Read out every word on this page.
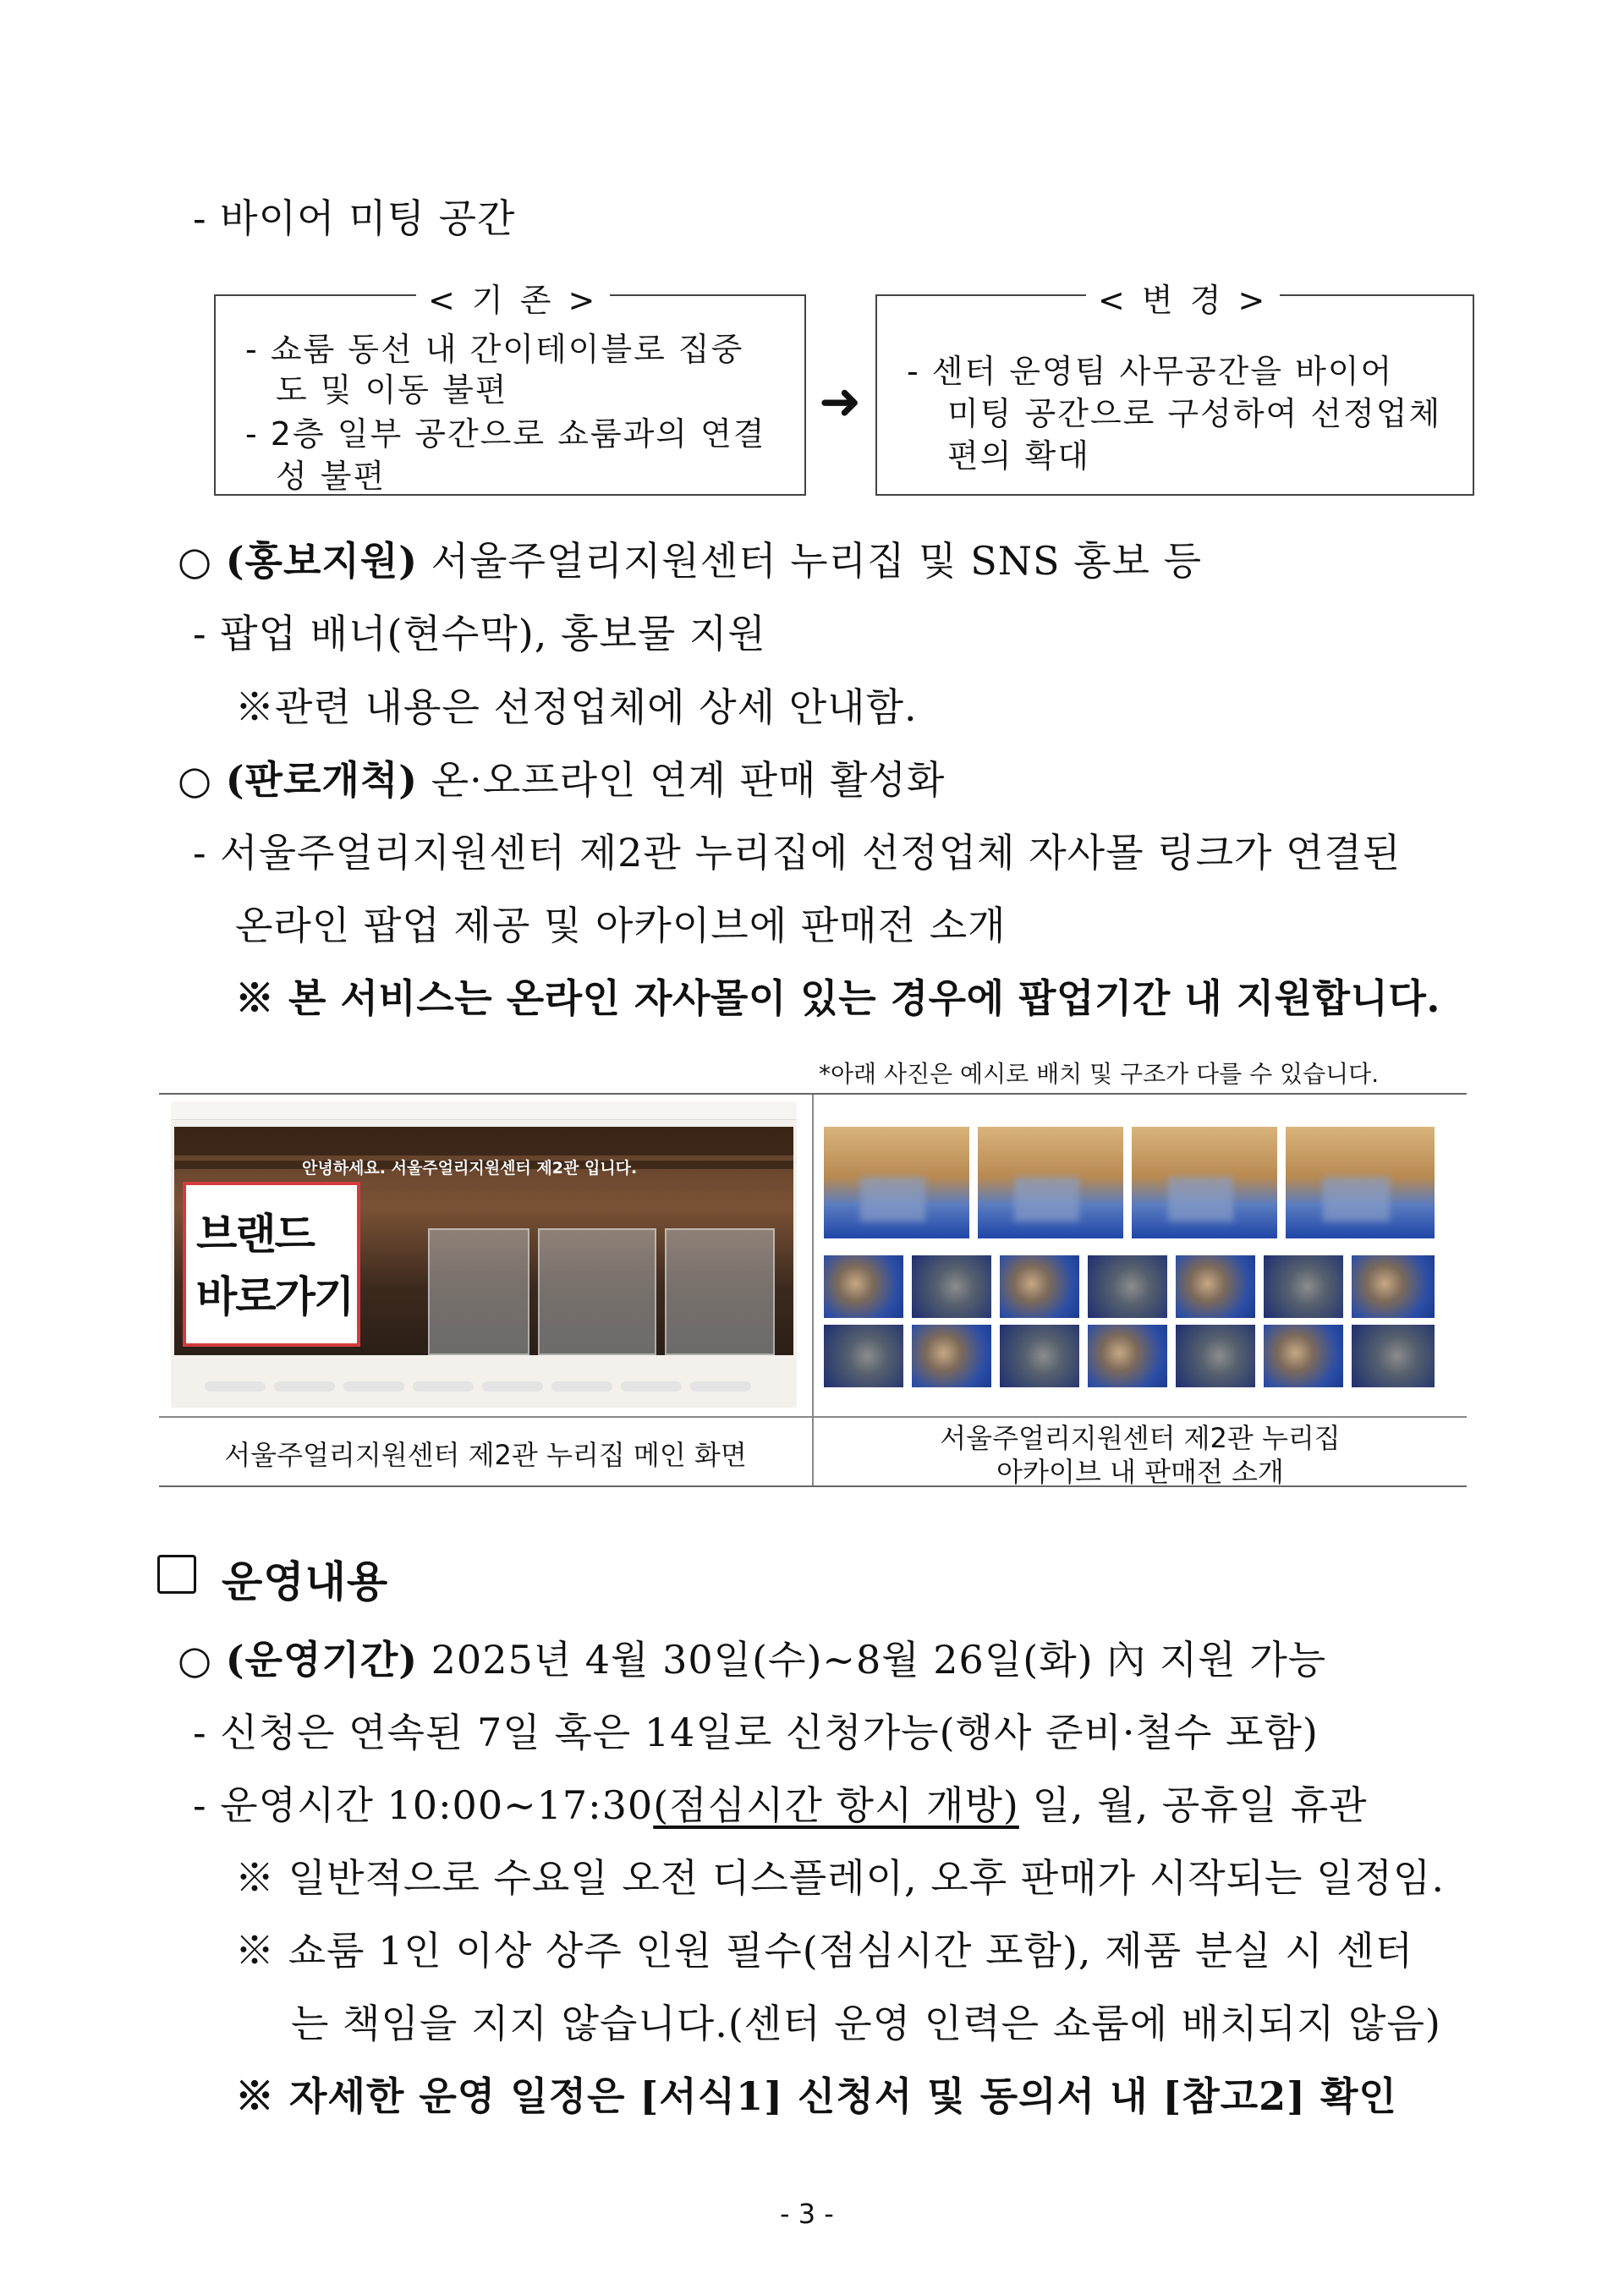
- 바이어 미팅 공간
< 기 존 >
- 쇼룸 동선 내 간이테이블로 집중
도 및 이동 불편
- 2층 일부 공간으로 쇼룸과의 연결
성 불편
➜
< 변 경 >
- 센터 운영팀 사무공간을 바이어
미팅 공간으로 구성하여 선정업체
편의 확대
○ (홍보지원) 서울주얼리지원센터 누리집 및 SNS 홍보 등
- 팝업 배너(현수막), 홍보물 지원
※관련 내용은 선정업체에 상세 안내함.
○ (판로개척) 온·오프라인 연계 판매 활성화
- 서울주얼리지원센터 제2관 누리집에 선정업체 자사몰 링크가 연결된
온라인 팝업 제공 및 아카이브에 판매전 소개
※ 본 서비스는 온라인 자사몰이 있는 경우에 팝업기간 내 지원합니다.
*아래 사진은 예시로 배치 및 구조가 다를 수 있습니다.
안녕하세요. 서울주얼리지원센터 제2관 입니다.
브랜드
바로가기
서울주얼리지원센터 제2관 누리집 메인 화면
서울주얼리지원센터 제2관 누리집
아카이브 내 판매전 소개
운영내용
○ (운영기간) 2025년 4월 30일(수)~8월 26일(화) 內 지원 가능
- 신청은 연속된 7일 혹은 14일로 신청가능(행사 준비·철수 포함)
- 운영시간 10:00~17:30(점심시간 항시 개방) 일, 월, 공휴일 휴관
※ 일반적으로 수요일 오전 디스플레이, 오후 판매가 시작되는 일정임.
※ 쇼룸 1인 이상 상주 인원 필수(점심시간 포함), 제품 분실 시 센터
는 책임을 지지 않습니다.(센터 운영 인력은 쇼룸에 배치되지 않음)
※ 자세한 운영 일정은 [서식1] 신청서 및 동의서 내 [참고2] 확인
- 3 -
